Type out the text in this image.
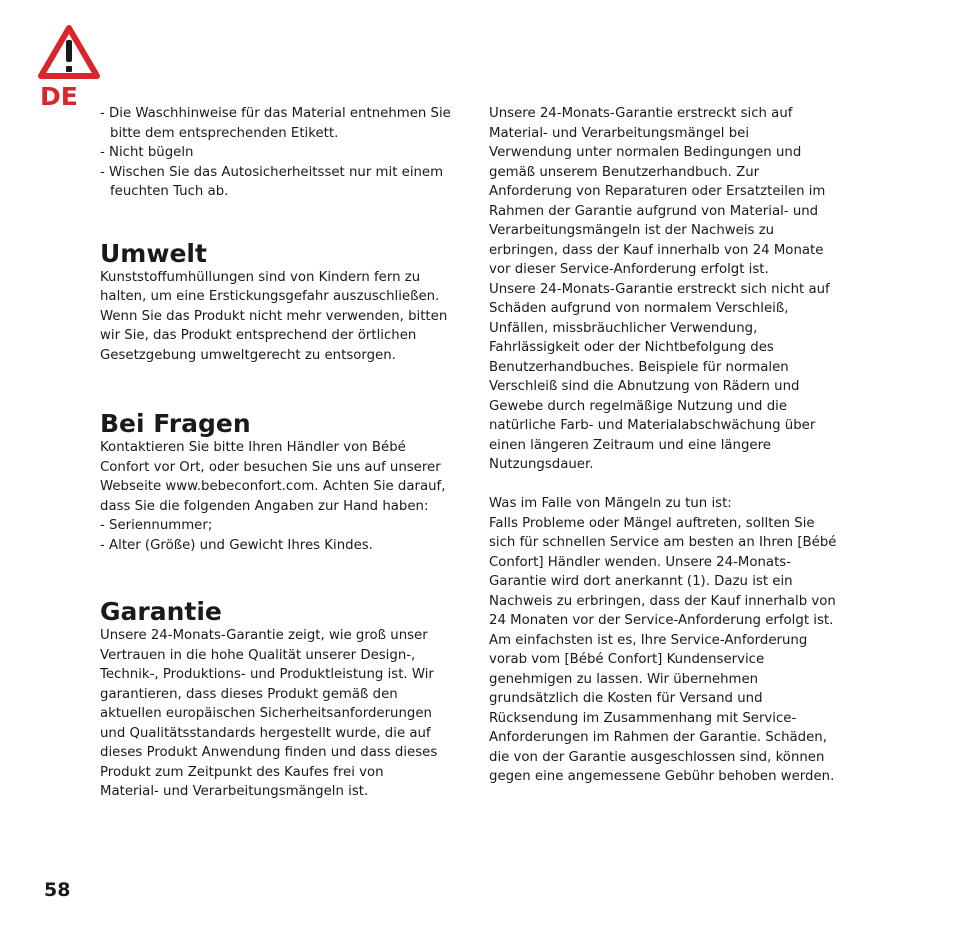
DE

- Die Waschhinweise für das Material entnehmen Sie bitte dem entsprechenden Etikett.

- Nicht bügeln

- Wischen Sie das Autosicherheitsset nur mit einem feuchten Tuch ab.

Umwelt

Kunststoffumhüllungen sind von Kindern fern zu
halten, um eine Erstickungsgefahr auszuschließen.
Wenn Sie das Produkt nicht mehr verwenden, bitten
wir Sie, das Produkt entsprechend der örtlichen
Gesetzgebung umweltgerecht zu entsorgen.

Bei Fragen

Kontaktieren Sie bitte Ihren Händler von Bébé
Confort vor Ort, oder besuchen Sie uns auf unserer
Webseite www.bebeconfort.com. Achten Sie darauf,
dass Sie die folgenden Angaben zur Hand haben:

- Seriennummer;

- Alter (Größe) und Gewicht Ihres Kindes.

Garantie

Unsere 24-Monats-Garantie zeigt, wie groß unser
Vertrauen in die hohe Qualität unserer Design-,
Technik-, Produktions- und Produktleistung ist. Wir
garantieren, dass dieses Produkt gemäß den
aktuellen europäischen Sicherheitsanforderungen
und Qualitätsstandards hergestellt wurde, die auf
dieses Produkt Anwendung finden und dass dieses
Produkt zum Zeitpunkt des Kaufes frei von
Material- und Verarbeitungsmängeln ist.

Unsere 24-Monats-Garantie erstreckt sich auf
Material- und Verarbeitungsmängel bei
Verwendung unter normalen Bedingungen und
gemäß unserem Benutzerhandbuch. Zur
Anforderung von Reparaturen oder Ersatzteilen im
Rahmen der Garantie aufgrund von Material- und
Verarbeitungsmängeln ist der Nachweis zu
erbringen, dass der Kauf innerhalb von 24 Monate
vor dieser Service-Anforderung erfolgt ist.
Unsere 24-Monats-Garantie erstreckt sich nicht auf
Schäden aufgrund von normalem Verschleiß,
Unfällen, missbräuchlicher Verwendung,
Fahrlässigkeit oder der Nichtbefolgung des
Benutzerhandbuches. Beispiele für normalen
Verschleiß sind die Abnutzung von Rädern und
Gewebe durch regelmäßige Nutzung und die
natürliche Farb- und Materialabschwächung über
einen längeren Zeitraum und eine längere
Nutzungsdauer.

Was im Falle von Mängeln zu tun ist:

Falls Probleme oder Mängel auftreten, sollten Sie
sich für schnellen Service am besten an Ihren [Bébé
Confort] Händler wenden. Unsere 24-Monats-
Garantie wird dort anerkannt (1). Dazu ist ein
Nachweis zu erbringen, dass der Kauf innerhalb von
24 Monaten vor der Service-Anforderung erfolgt ist.
Am einfachsten ist es, Ihre Service-Anforderung
vorab vom [Bébé Confort] Kundenservice
genehmigen zu lassen. Wir übernehmen
grundsätzlich die Kosten für Versand und
Rücksendung im Zusammenhang mit Service-
Anforderungen im Rahmen der Garantie. Schäden,
die von der Garantie ausgeschlossen sind, können
gegen eine angemessene Gebühr behoben werden.

58
